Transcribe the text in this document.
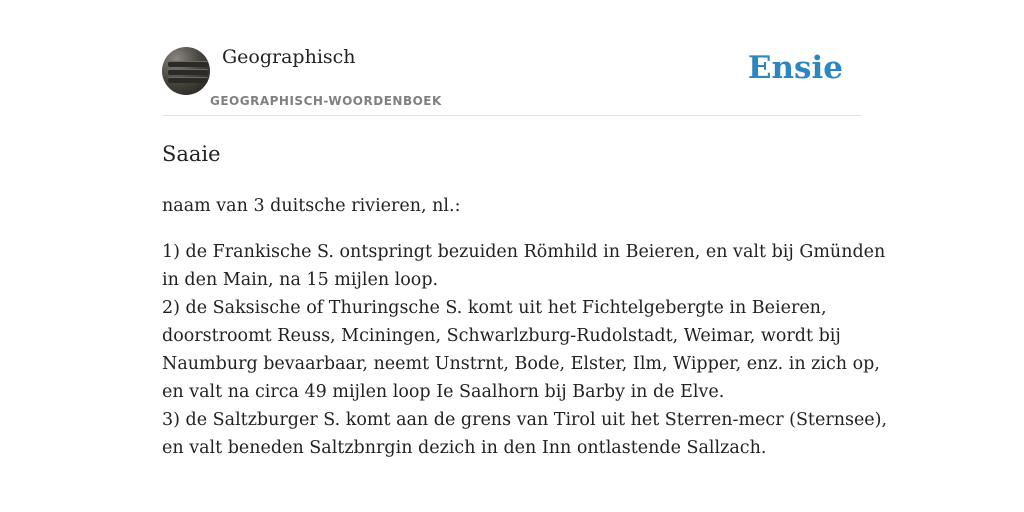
Geographisch
GEOGRAPHISCH-WOORDENBOEK
Ensie
Saaie

naam van 3 duitsche rivieren, nl.:

1) de Frankische S. ontspringt bezuiden Römhild in Beieren, en valt bij Gmünden
in den Main, na 15 mijlen loop.
2) de Saksische of Thuringsche S. komt uit het Fichtelgebergte in Beieren,
doorstroomt Reuss, Mciningen, Schwarlzburg-Rudolstadt, Weimar, wordt bij
Naumburg bevaarbaar, neemt Unstrnt, Bode, Elster, Ilm, Wipper, enz. in zich op,
en valt na circa 49 mijlen loop Ie Saalhorn bij Barby in de Elve.
3) de Saltzburger S. komt aan de grens van Tirol uit het Sterren-mecr (Sternsee),
en valt beneden Saltzbnrgin dezich in den Inn ontlastende Sallzach.
